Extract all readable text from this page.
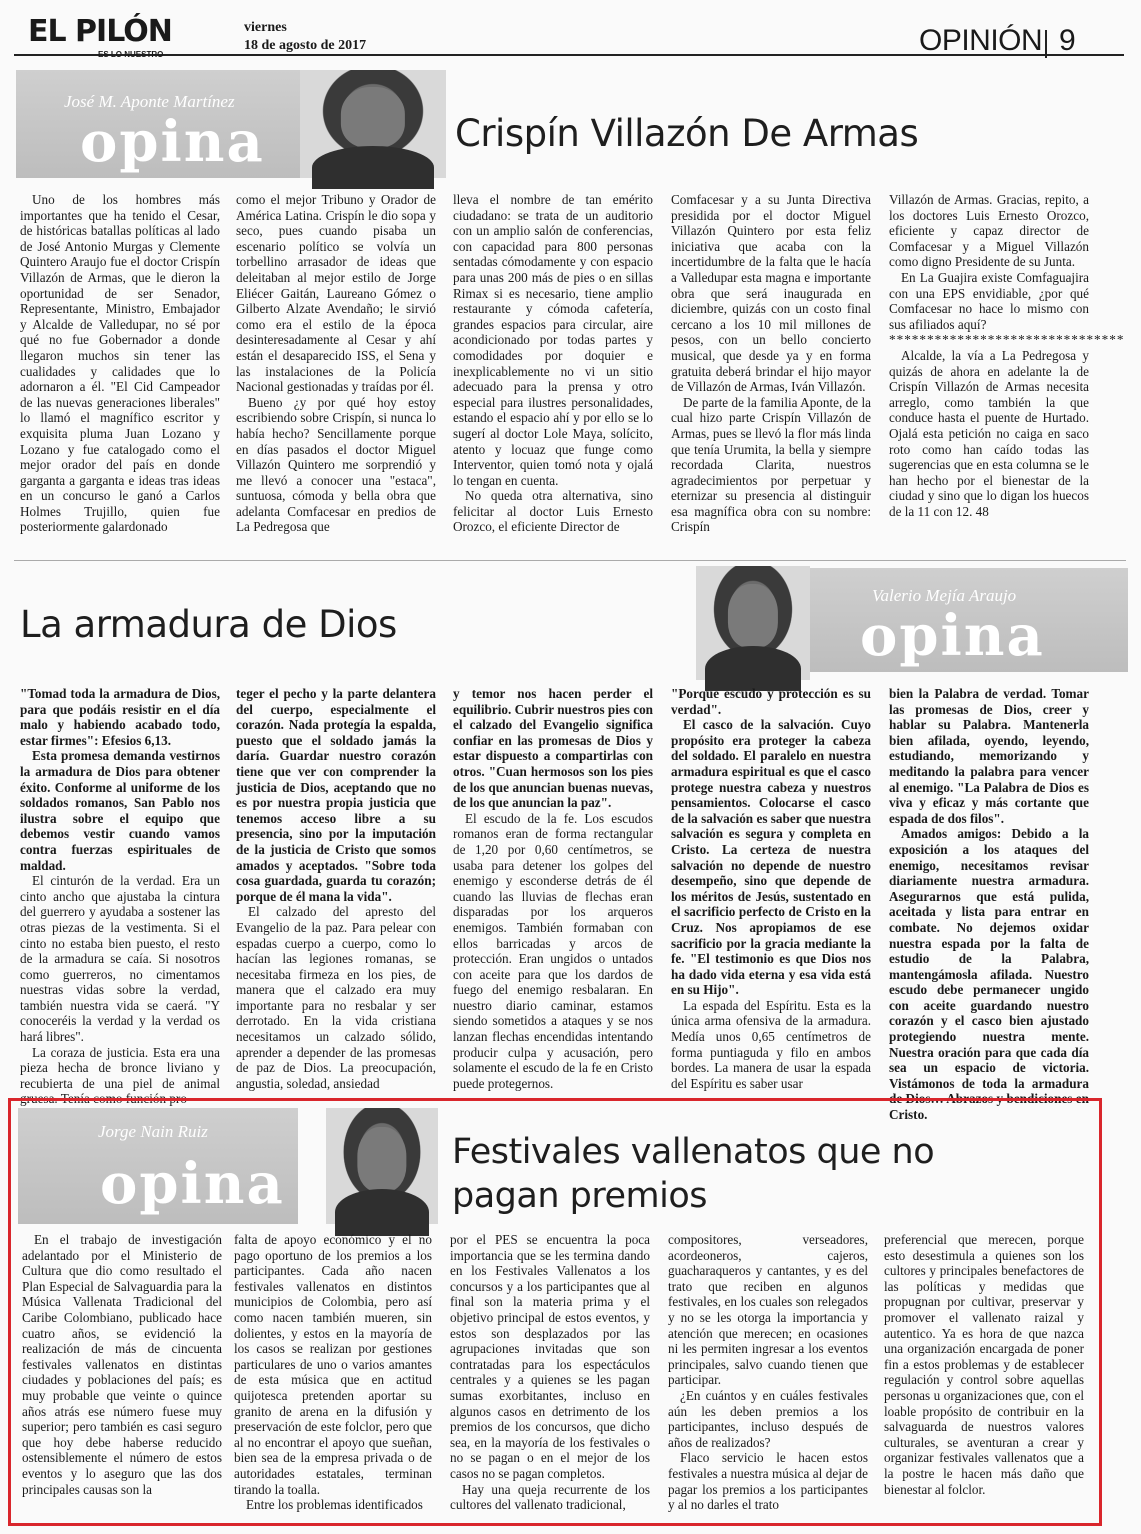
EL PILÓN
ES LO NUESTRO
viernes
18 de agosto de 2017	OPINIÓN 9
José M. Aponte Martínez
opina	Crispín Villazón De Armas

Uno de los hombres más importantes que ha tenido el Cesar, de históricas batallas políticas al lado de José Antonio Murgas y Clemente Quintero Araujo fue el doctor Crispín Villazón de Armas, que le dieron la oportunidad de ser Senador, Representante, Ministro, Embajador y Alcalde de Valledupar, no sé por qué no fue Gobernador a donde llegaron muchos sin tener las cualidades y calidades que lo adornaron a él. "El Cid Campeador de las nuevas generaciones liberales" lo llamó el magnífico escritor y exquisita pluma Juan Lozano y Lozano y fue catalogado como el mejor orador del país en donde garganta a garganta e ideas tras ideas en un concurso le ganó a Carlos Holmes Trujillo, quien fue posteriormente galardonado

como el mejor Tribuno y Orador de América Latina. Crispín le dio sopa y seco, pues cuando pisaba un escenario político se volvía un torbellino arrasador de ideas que deleitaban al mejor estilo de Jorge Eliécer Gaitán, Laureano Gómez o Gilberto Alzate Avendaño; le sirvió como era el estilo de la época desinteresadamente al Cesar y ahí están el desaparecido ISS, el Sena y las instalaciones de la Policía Nacional gestionadas y traídas por él.

Bueno ¿y por qué hoy estoy escribiendo sobre Crispín, si nunca lo había hecho? Sencillamente porque en días pasados el doctor Miguel Villazón Quintero me sorprendió y me llevó a conocer una "estaca", suntuosa, cómoda y bella obra que adelanta Comfacesar en predios de La Pedregosa que

lleva el nombre de tan emérito ciudadano: se trata de un auditorio con un amplio salón de conferencias, con capacidad para 800 personas sentadas cómodamente y con espacio para unas 200 más de pies o en sillas Rimax si es necesario, tiene amplio restaurante y cómoda cafetería, grandes espacios para circular, aire acondicionado por todas partes y comodidades por doquier e inexplicablemente no vi un sitio adecuado para la prensa y otro especial para ilustres personalidades, estando el espacio ahí y por ello se lo sugerí al doctor Lole Maya, solícito, atento y locuaz que funge como Interventor, quien tomó nota y ojalá lo tengan en cuenta.

No queda otra alternativa, sino felicitar al doctor Luis Ernesto Orozco, el eficiente Director de

Comfacesar y a su Junta Directiva presidida por el doctor Miguel Villazón Quintero por esta feliz iniciativa que acaba con la incertidumbre de la falta que le hacía a Valledupar esta magna e importante obra que será inaugurada en diciembre, quizás con un costo final cercano a los 10 mil millones de pesos, con un bello concierto musical, que desde ya y en forma gratuita deberá brindar el hijo mayor de Villazón de Armas, Iván Villazón.

De parte de la familia Aponte, de la cual hizo parte Crispín Villazón de Armas, pues se llevó la flor más linda que tenía Urumita, la bella y siempre recordada Clarita, nuestros agradecimientos por perpetuar y eternizar su presencia al distinguir esa magnífica obra con su nombre: Crispín

Villazón de Armas. Gracias, repito, a los doctores Luis Ernesto Orozco, eficiente y capaz director de Comfacesar y a Miguel Villazón como digno Presidente de su Junta.

En La Guajira existe Comfaguajira con una EPS envidiable, ¿por qué Comfacesar no hace lo mismo con sus afiliados aquí?

*******************************

Alcalde, la vía a La Pedregosa y quizás de ahora en adelante la de Crispín Villazón de Armas necesita arreglo, como también la que conduce hasta el puente de Hurtado. Ojalá esta petición no caiga en saco roto como han caído todas las sugerencias que en esta columna se le han hecho por el bienestar de la ciudad y sino que lo digan los huecos de la 11 con 12. 48

La armadura de Dios
Valerio Mejía Araujo
opina

"Tomad toda la armadura de Dios, para que podáis resistir en el día malo y habiendo acabado todo, estar firmes": Efesios 6,13.

Esta promesa demanda vestirnos la armadura de Dios para obtener éxito. Conforme al uniforme de los soldados romanos, San Pablo nos ilustra sobre el equipo que debemos vestir cuando vamos contra fuerzas espirituales de maldad.

El cinturón de la verdad. Era un cinto ancho que ajustaba la cintura del guerrero y ayudaba a sostener las otras piezas de la vestimenta. Si el cinto no estaba bien puesto, el resto de la armadura se caía. Si nosotros como guerreros, no cimentamos nuestras vidas sobre la verdad, también nuestra vida se caerá. "Y conoceréis la verdad y la verdad os hará libres".

La coraza de justicia. Esta era una pieza hecha de bronce liviano y recubierta de una piel de animal gruesa. Tenía como función pro-

teger el pecho y la parte delantera del cuerpo, especialmente el corazón. Nada protegía la espalda, puesto que el soldado jamás la daría. Guardar nuestro corazón tiene que ver con comprender la justicia de Dios, aceptando que no es por nuestra propia justicia que tenemos acceso libre a su presencia, sino por la imputación de la justicia de Cristo que somos amados y aceptados. "Sobre toda cosa guardada, guarda tu corazón; porque de él mana la vida".

El calzado del apresto del Evangelio de la paz. Para pelear con espadas cuerpo a cuerpo, como lo hacían las legiones romanas, se necesitaba firmeza en los pies, de manera que el calzado era muy importante para no resbalar y ser derrotado. En la vida cristiana necesitamos un calzado sólido, aprender a depender de las promesas de paz de Dios. La preocupación, angustia, soledad, ansiedad

y temor nos hacen perder el equilibrio. Cubrir nuestros pies con el calzado del Evangelio significa confiar en las promesas de Dios y estar dispuesto a compartirlas con otros. "Cuan hermosos son los pies de los que anuncian buenas nuevas, de los que anuncian la paz".

El escudo de la fe. Los escudos romanos eran de forma rectangular de 1,20 por 0,60 centímetros, se usaba para detener los golpes del enemigo y esconderse detrás de él cuando las lluvias de flechas eran disparadas por los arqueros enemigos. También formaban con ellos barricadas y arcos de protección. Eran ungidos o untados con aceite para que los dardos de fuego del enemigo resbalaran. En nuestro diario caminar, estamos siendo sometidos a ataques y se nos lanzan flechas encendidas intentando producir culpa y acusación, pero solamente el escudo de la fe en Cristo puede protegernos.

"Porque escudo y protección es su verdad".

El casco de la salvación. Cuyo propósito era proteger la cabeza del soldado. El paralelo en nuestra armadura espiritual es que el casco protege nuestra cabeza y nuestros pensamientos. Colocarse el casco de la salvación es saber que nuestra salvación es segura y completa en Cristo. La certeza de nuestra salvación no depende de nuestro desempeño, sino que depende de los méritos de Jesús, sustentado en el sacrificio perfecto de Cristo en la Cruz. Nos apropiamos de ese sacrificio por la gracia mediante la fe. "El testimonio es que Dios nos ha dado vida eterna y esa vida está en su Hijo".

La espada del Espíritu. Esta es la única arma ofensiva de la armadura. Medía unos 0,65 centímetros de forma puntiaguda y filo en ambos bordes. La manera de usar la espada del Espíritu es saber usar

bien la Palabra de verdad. Tomar las promesas de Dios, creer y hablar su Palabra. Mantenerla bien afilada, oyendo, leyendo, estudiando, memorizando y meditando la palabra para vencer al enemigo. "La Palabra de Dios es viva y eficaz y más cortante que espada de dos filos".

Amados amigos: Debido a la exposición a los ataques del enemigo, necesitamos revisar diariamente nuestra armadura. Asegurarnos que está pulida, aceitada y lista para entrar en combate. No dejemos oxidar nuestra espada por la falta de estudio de la Palabra, mantengámosla afilada. Nuestro escudo debe permanecer ungido con aceite guardando nuestro corazón y el casco bien ajustado protegiendo nuestra mente. Nuestra oración para que cada día sea un espacio de victoria. Vistámonos de toda la armadura de Dios… Abrazos y bendiciones en Cristo.

Jorge Nain Ruiz
opina	Festivales vallenatos que no
pagan premios

En el trabajo de investigación adelantado por el Ministerio de Cultura que dio como resultado el Plan Especial de Salvaguardia para la Música Vallenata Tradicional del Caribe Colombiano, publicado hace cuatro años, se evidenció la realización de más de cincuenta festivales vallenatos en distintas ciudades y poblaciones del país; es muy probable que veinte o quince años atrás ese número fuese muy superior; pero también es casi seguro que hoy debe haberse reducido ostensiblemente el número de estos eventos y lo aseguro que las dos principales causas son la

falta de apoyo económico y el no pago oportuno de los premios a los participantes. Cada año nacen festivales vallenatos en distintos municipios de Colombia, pero así como nacen también mueren, sin dolientes, y estos en la mayoría de los casos se realizan por gestiones particulares de uno o varios amantes de esta música que en actitud quijotesca pretenden aportar su granito de arena en la difusión y preservación de este folclor, pero que al no encontrar el apoyo que sueñan, bien sea de la empresa privada o de autoridades estatales, terminan tirando la toalla.

Entre los problemas identificados

por el PES se encuentra la poca importancia que se les termina dando en los Festivales Vallenatos a los concursos y a los participantes que al final son la materia prima y el objetivo principal de estos eventos, y estos son desplazados por las agrupaciones invitadas que son contratadas para los espectáculos centrales y a quienes se les pagan sumas exorbitantes, incluso en algunos casos en detrimento de los premios de los concursos, que dicho sea, en la mayoría de los festivales o no se pagan o en el mejor de los casos no se pagan completos.

Hay una queja recurrente de los cultores del vallenato tradicional,

compositores, verseadores, acordeoneros, cajeros, guacharaqueros y cantantes, y es del trato que reciben en algunos festivales, en los cuales son relegados y no se les otorga la importancia y atención que merecen; en ocasiones ni les permiten ingresar a los eventos principales, salvo cuando tienen que participar.

¿En cuántos y en cuáles festivales aún les deben premios a los participantes, incluso después de años de realizados?

Flaco servicio le hacen estos festivales a nuestra música al dejar de pagar los premios a los participantes y al no darles el trato

preferencial que merecen, porque esto desestimula a quienes son los cultores y principales benefactores de las políticas y medidas que propugnan por cultivar, preservar y promover el vallenato raizal y autentico. Ya es hora de que nazca una organización encargada de poner fin a estos problemas y de establecer regulación y control sobre aquellas personas u organizaciones que, con el loable propósito de contribuir en la salvaguarda de nuestros valores culturales, se aventuran a crear y organizar festivales vallenatos que a la postre le hacen más daño que bienestar al folclor.
